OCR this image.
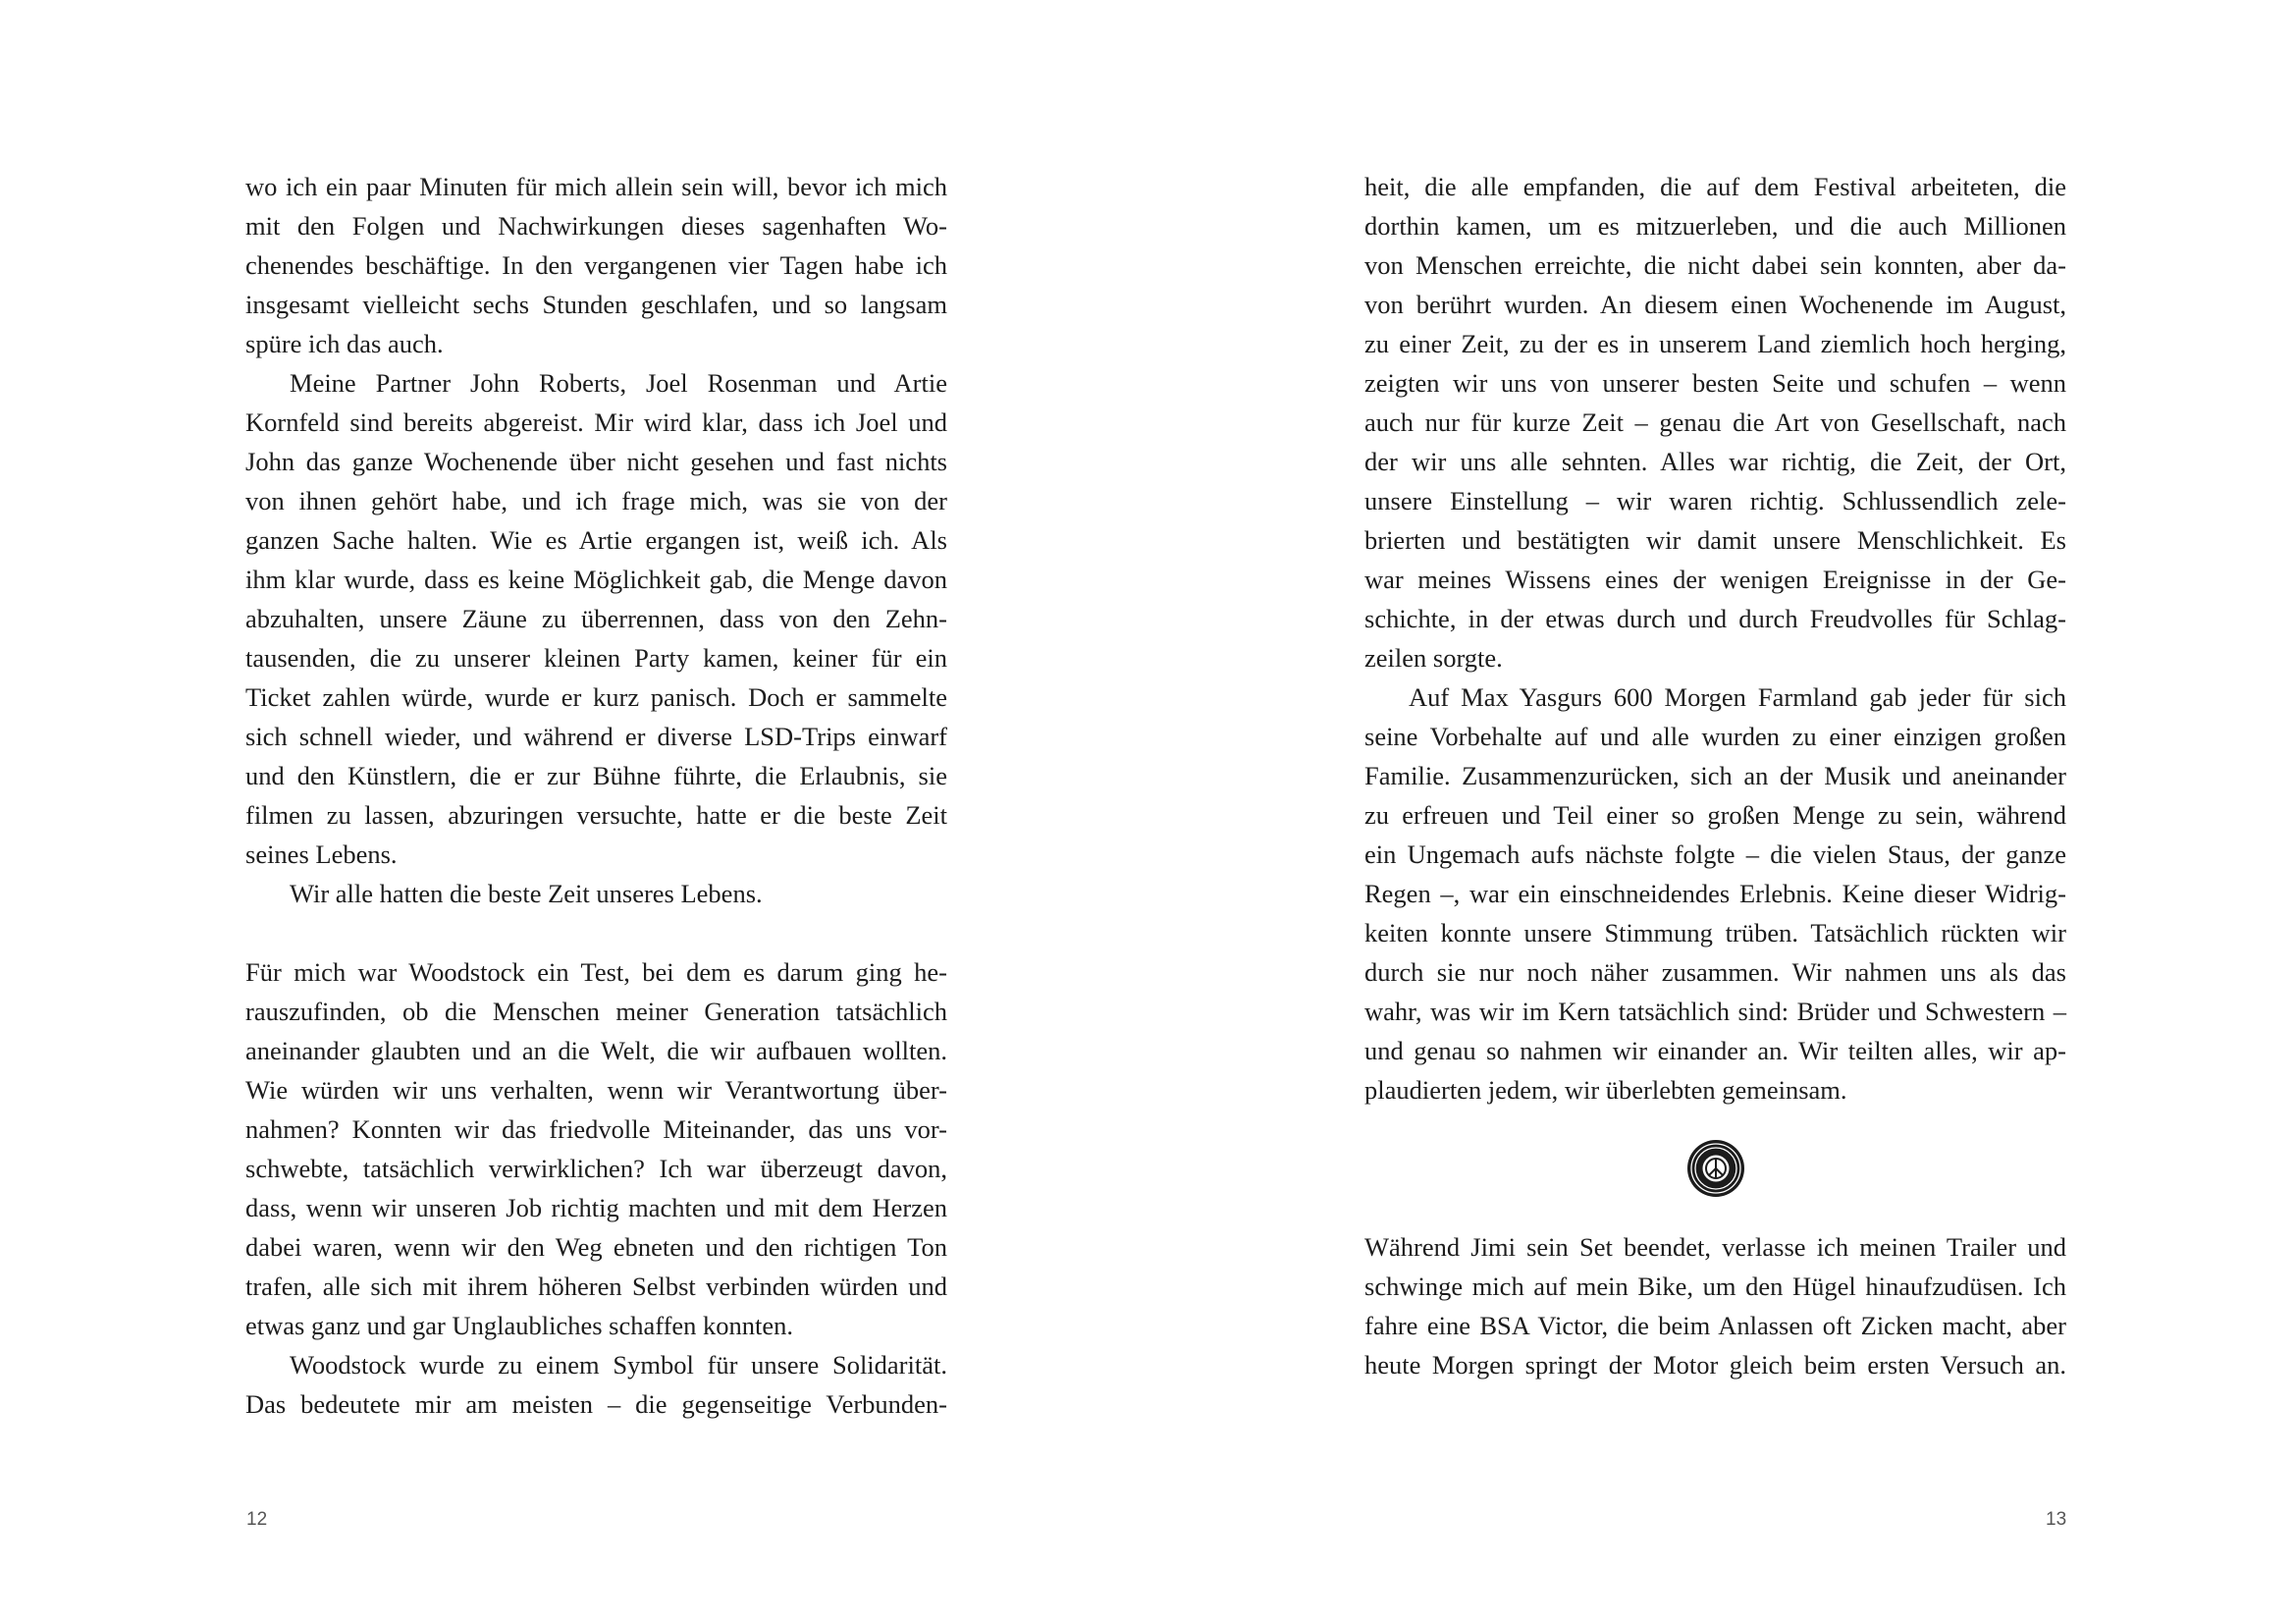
wo ich ein paar Minuten für mich allein sein will, bevor ich mich
mit den Folgen und Nachwirkungen dieses sagenhaften Wo-
chenendes beschäftige. In den vergangenen vier Tagen habe ich
insgesamt vielleicht sechs Stunden geschlafen, und so langsam
spüre ich das auch.
Meine Partner John Roberts, Joel Rosenman und Artie
Kornfeld sind bereits abgereist. Mir wird klar, dass ich Joel und
John das ganze Wochenende über nicht gesehen und fast nichts
von ihnen gehört habe, und ich frage mich, was sie von der
ganzen Sache halten. Wie es Artie ergangen ist, weiß ich. Als
ihm klar wurde, dass es keine Möglichkeit gab, die Menge davon
abzuhalten, unsere Zäune zu überrennen, dass von den Zehn-
tausenden, die zu unserer kleinen Party kamen, keiner für ein
Ticket zahlen würde, wurde er kurz panisch. Doch er sammelte
sich schnell wieder, und während er diverse LSD-Trips einwarf
und den Künstlern, die er zur Bühne führte, die Erlaubnis, sie
filmen zu lassen, abzuringen versuchte, hatte er die beste Zeit
seines Lebens.
Wir alle hatten die beste Zeit unseres Lebens.
Für mich war Woodstock ein Test, bei dem es darum ging he-
rauszufinden, ob die Menschen meiner Generation tatsächlich
aneinander glaubten und an die Welt, die wir aufbauen wollten.
Wie würden wir uns verhalten, wenn wir Verantwortung über-
nahmen? Konnten wir das friedvolle Miteinander, das uns vor-
schwebte, tatsächlich verwirklichen? Ich war überzeugt davon,
dass, wenn wir unseren Job richtig machten und mit dem Herzen
dabei waren, wenn wir den Weg ebneten und den richtigen Ton
trafen, alle sich mit ihrem höheren Selbst verbinden würden und
etwas ganz und gar Unglaubliches schaffen konnten.
Woodstock wurde zu einem Symbol für unsere Solidarität.
Das bedeutete mir am meisten – die gegenseitige Verbunden-
12
heit, die alle empfanden, die auf dem Festival arbeiteten, die
dorthin kamen, um es mitzuerleben, und die auch Millionen
von Menschen erreichte, die nicht dabei sein konnten, aber da-
von berührt wurden. An diesem einen Wochenende im August,
zu einer Zeit, zu der es in unserem Land ziemlich hoch herging,
zeigten wir uns von unserer besten Seite und schufen – wenn
auch nur für kurze Zeit – genau die Art von Gesellschaft, nach
der wir uns alle sehnten. Alles war richtig, die Zeit, der Ort,
unsere Einstellung – wir waren richtig. Schlussendlich zele-
brierten und bestätigten wir damit unsere Menschlichkeit. Es
war meines Wissens eines der wenigen Ereignisse in der Ge-
schichte, in der etwas durch und durch Freudvolles für Schlag-
zeilen sorgte.
Auf Max Yasgurs 600 Morgen Farmland gab jeder für sich
seine Vorbehalte auf und alle wurden zu einer einzigen großen
Familie. Zusammenzurücken, sich an der Musik und aneinander
zu erfreuen und Teil einer so großen Menge zu sein, während
ein Ungemach aufs nächste folgte – die vielen Staus, der ganze
Regen –, war ein einschneidendes Erlebnis. Keine dieser Widrig-
keiten konnte unsere Stimmung trüben. Tatsächlich rückten wir
durch sie nur noch näher zusammen. Wir nahmen uns als das
wahr, was wir im Kern tatsächlich sind: Brüder und Schwestern –
und genau so nahmen wir einander an. Wir teilten alles, wir ap-
plaudierten jedem, wir überlebten gemeinsam.
Während Jimi sein Set beendet, verlasse ich meinen Trailer und
schwinge mich auf mein Bike, um den Hügel hinaufzudüsen. Ich
fahre eine BSA Victor, die beim Anlassen oft Zicken macht, aber
heute Morgen springt der Motor gleich beim ersten Versuch an.
13
